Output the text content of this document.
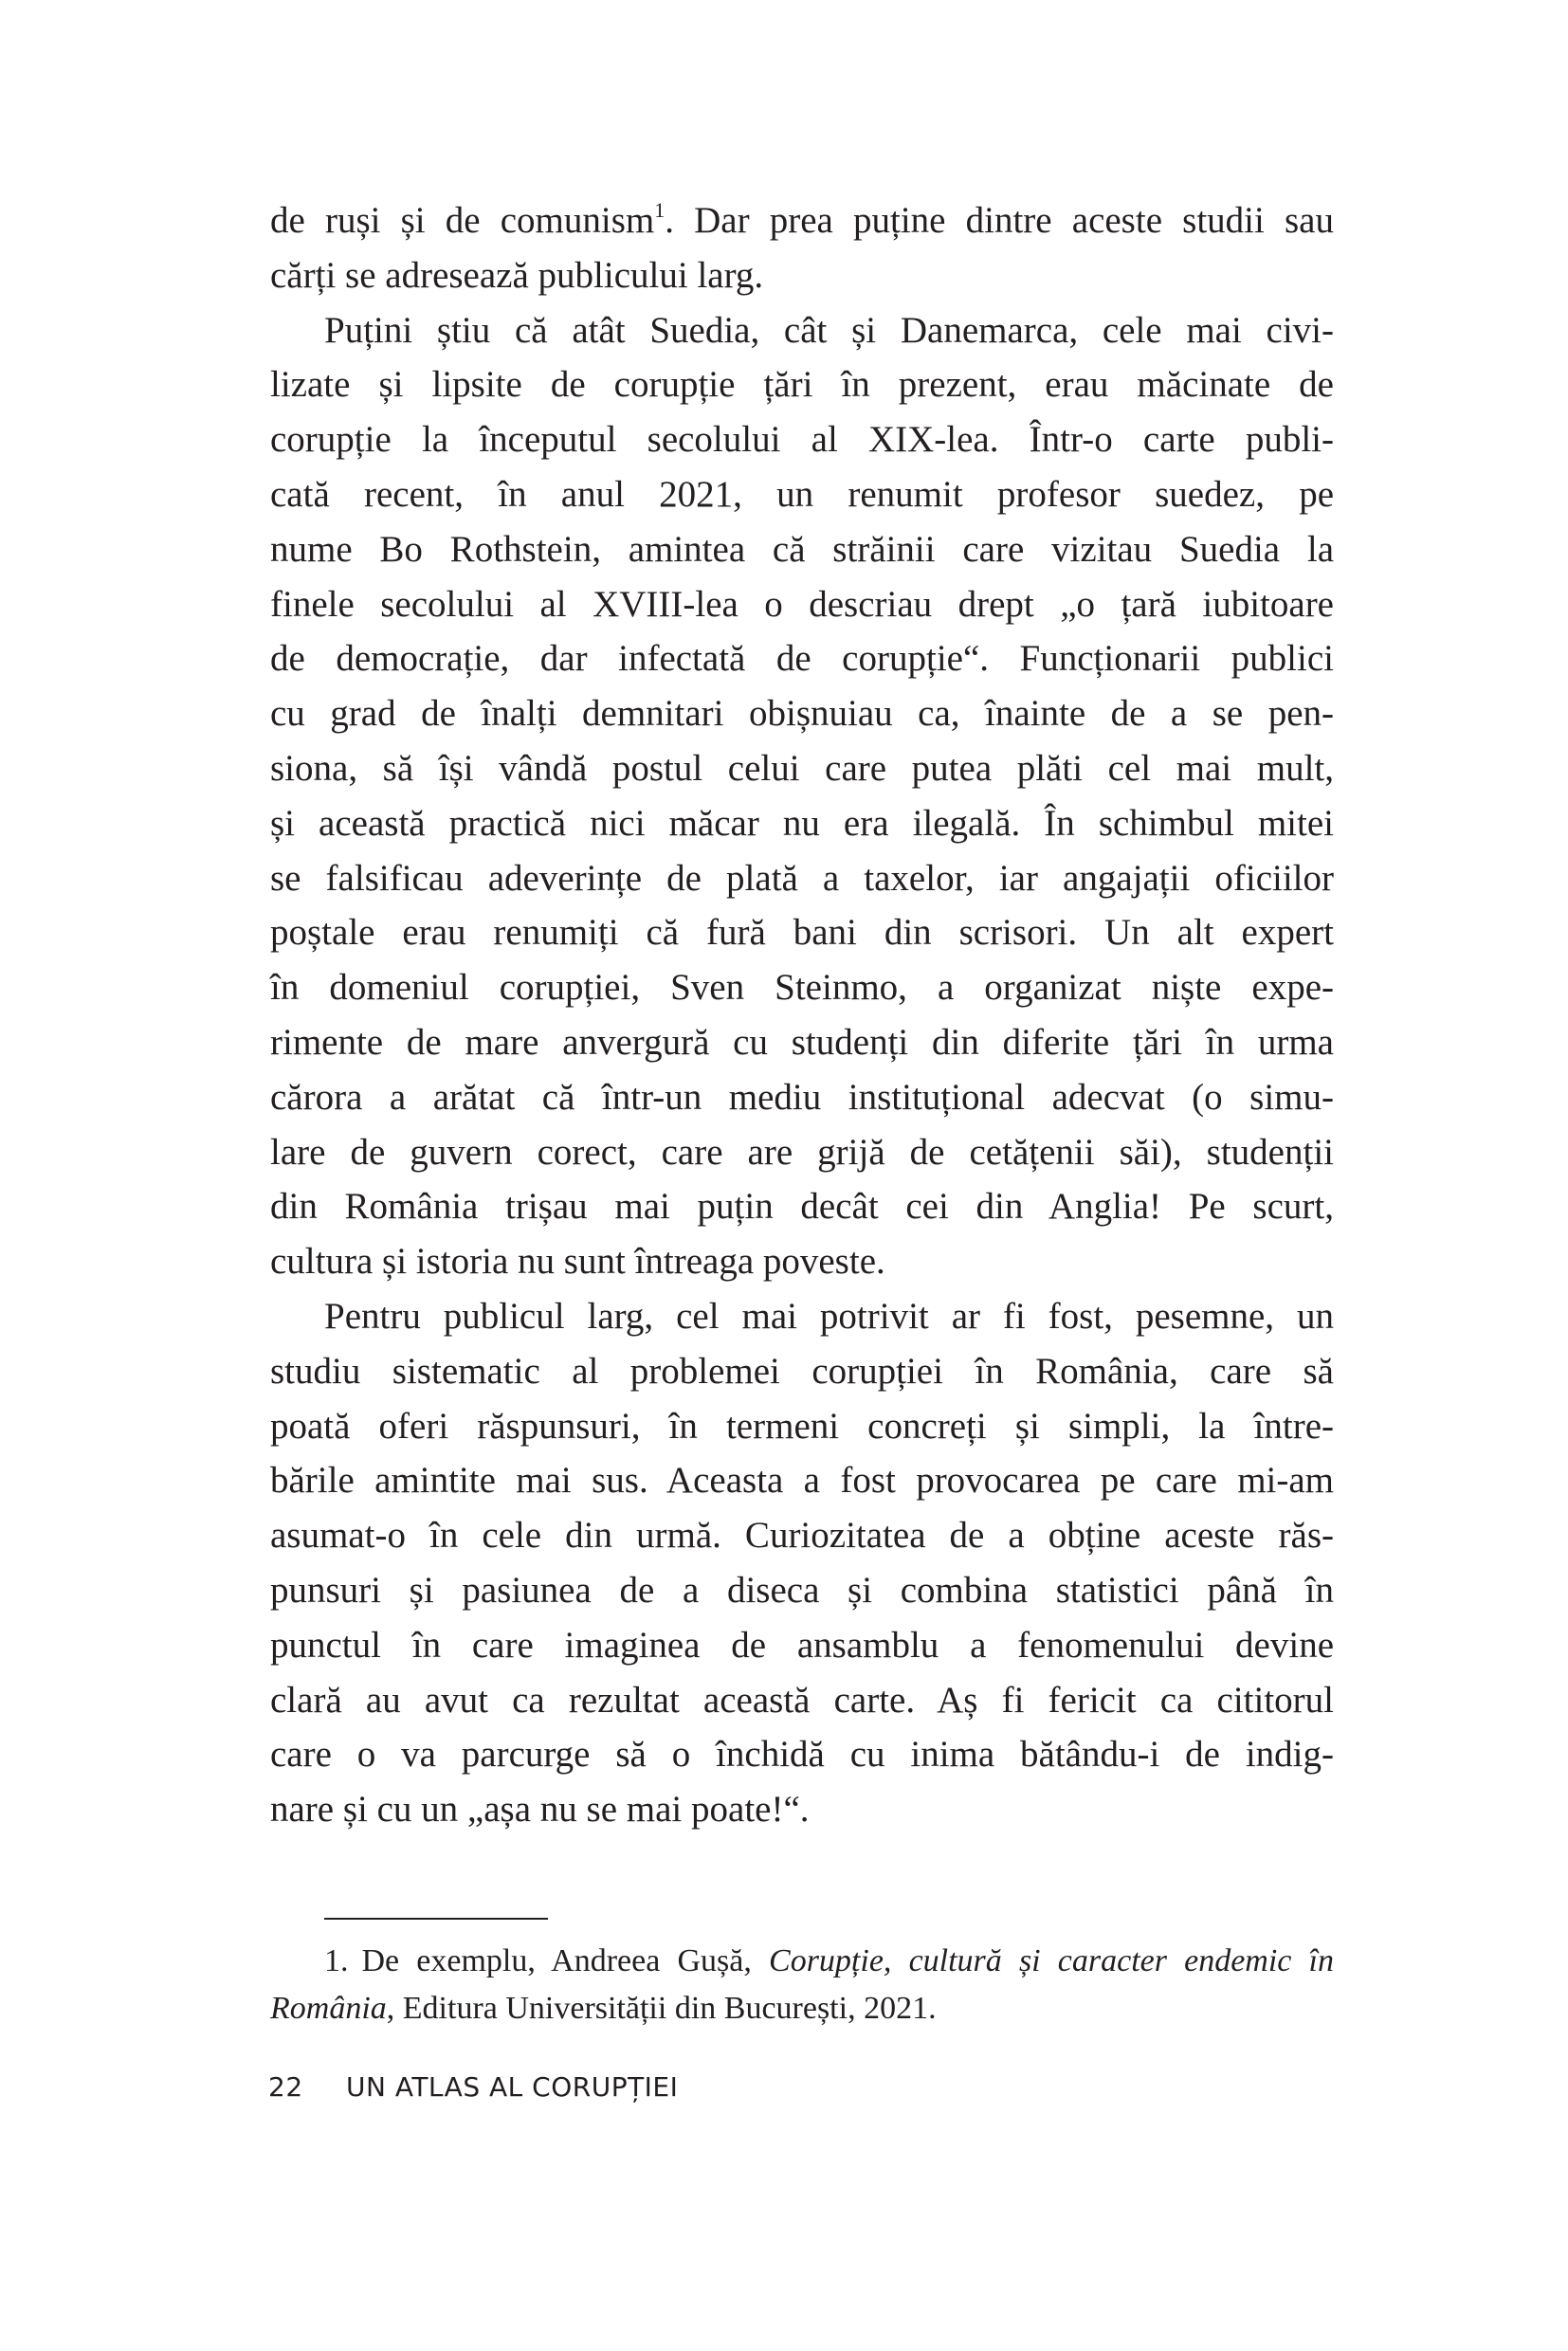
de ruși și de comunism$^1$. Dar prea puține dintre aceste studii sau
cărți se adresează publicului larg.
Puțini știu că atât Suedia, cât și Danemarca, cele mai civi-
lizate și lipsite de corupție țări în prezent, erau măcinate de
corupție la începutul secolului al XIX-lea. Într-o carte publi-
cată recent, în anul 2021, un renumit profesor suedez, pe
nume Bo Rothstein, amintea că străinii care vizitau Suedia la
finele secolului al XVIII-lea o descriau drept „o țară iubitoare
de democrație, dar infectată de corupție“. Funcționarii publici
cu grad de înalți demnitari obișnuiau ca, înainte de a se pen-
siona, să își vândă postul celui care putea plăti cel mai mult,
și această practică nici măcar nu era ilegală. În schimbul mitei
se falsificau adeverințe de plată a taxelor, iar angajații oficiilor
poștale erau renumiți că fură bani din scrisori. Un alt expert
în domeniul corupției, Sven Steinmo, a organizat niște expe-
rimente de mare anvergură cu studenți din diferite țări în urma
cărora a arătat că într-un mediu instituțional adecvat (o simu-
lare de guvern corect, care are grijă de cetățenii săi), studenții
din România trișau mai puțin decât cei din Anglia! Pe scurt,
cultura și istoria nu sunt întreaga poveste.
Pentru publicul larg, cel mai potrivit ar fi fost, pesemne, un
studiu sistematic al problemei corupției în România, care să
poată oferi răspunsuri, în termeni concreți și simpli, la între-
bările amintite mai sus. Aceasta a fost provocarea pe care mi-am
asumat-o în cele din urmă. Curiozitatea de a obține aceste răs-
punsuri și pasiunea de a diseca și combina statistici până în
punctul în care imaginea de ansamblu a fenomenului devine
clară au avut ca rezultat această carte. Aș fi fericit ca cititorul
care o va parcurge să o închidă cu inima bătându-i de indig-
nare și cu un „așa nu se mai poate!“.
1. De exemplu, Andreea Gușă, Corupție, cultură și caracter endemic în
România, Editura Universității din București, 2021.
22 UN ATLAS AL CORUPȚIEI
